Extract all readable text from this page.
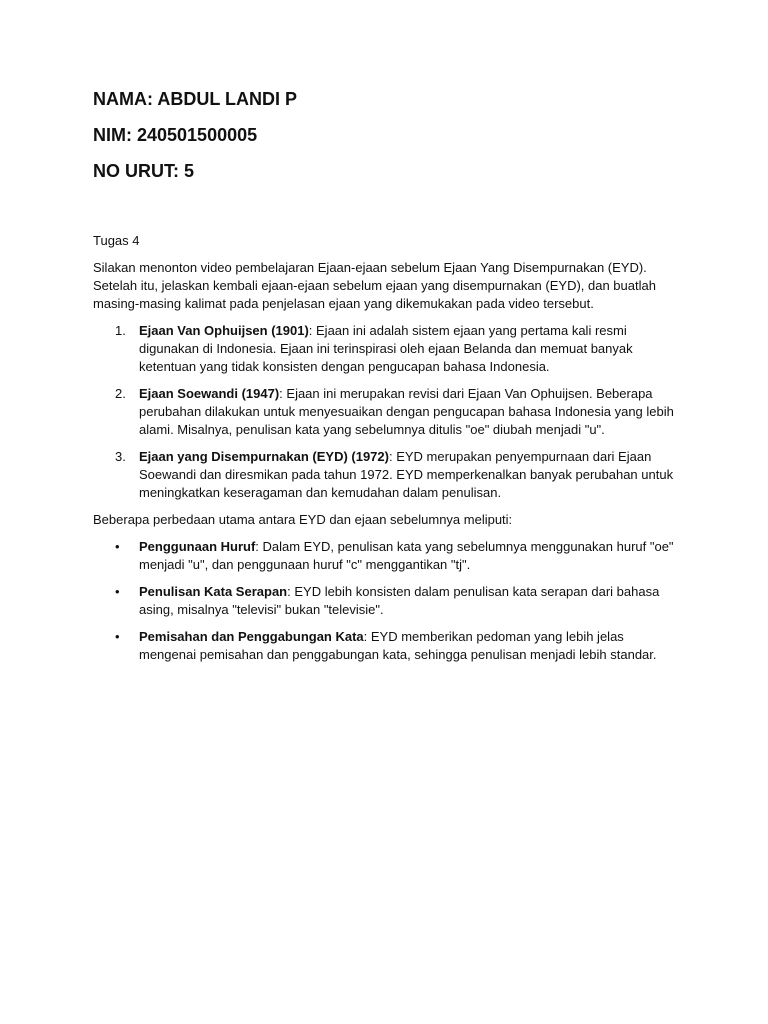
NAMA: ABDUL LANDI P

NIM: 240501500005

NO URUT: 5

Tugas 4

Silakan menonton video pembelajaran Ejaan-ejaan sebelum Ejaan Yang Disempurnakan (EYD). Setelah itu, jelaskan kembali ejaan-ejaan sebelum ejaan yang disempurnakan (EYD), dan buatlah masing-masing kalimat pada penjelasan ejaan yang dikemukakan pada video tersebut.

1. Ejaan Van Ophuijsen (1901): Ejaan ini adalah sistem ejaan yang pertama kali resmi digunakan di Indonesia. Ejaan ini terinspirasi oleh ejaan Belanda dan memuat banyak ketentuan yang tidak konsisten dengan pengucapan bahasa Indonesia.
2. Ejaan Soewandi (1947): Ejaan ini merupakan revisi dari Ejaan Van Ophuijsen. Beberapa perubahan dilakukan untuk menyesuaikan dengan pengucapan bahasa Indonesia yang lebih alami. Misalnya, penulisan kata yang sebelumnya ditulis "oe" diubah menjadi "u".
3. Ejaan yang Disempurnakan (EYD) (1972): EYD merupakan penyempurnaan dari Ejaan Soewandi dan diresmikan pada tahun 1972. EYD memperkenalkan banyak perubahan untuk meningkatkan keseragaman dan kemudahan dalam penulisan.

Beberapa perbedaan utama antara EYD dan ejaan sebelumnya meliputi:

• Penggunaan Huruf: Dalam EYD, penulisan kata yang sebelumnya menggunakan huruf "oe" menjadi "u", dan penggunaan huruf "c" menggantikan "tj".
• Penulisan Kata Serapan: EYD lebih konsisten dalam penulisan kata serapan dari bahasa asing, misalnya "televisi" bukan "televisie".
• Pemisahan dan Penggabungan Kata: EYD memberikan pedoman yang lebih jelas mengenai pemisahan dan penggabungan kata, sehingga penulisan menjadi lebih standar.
